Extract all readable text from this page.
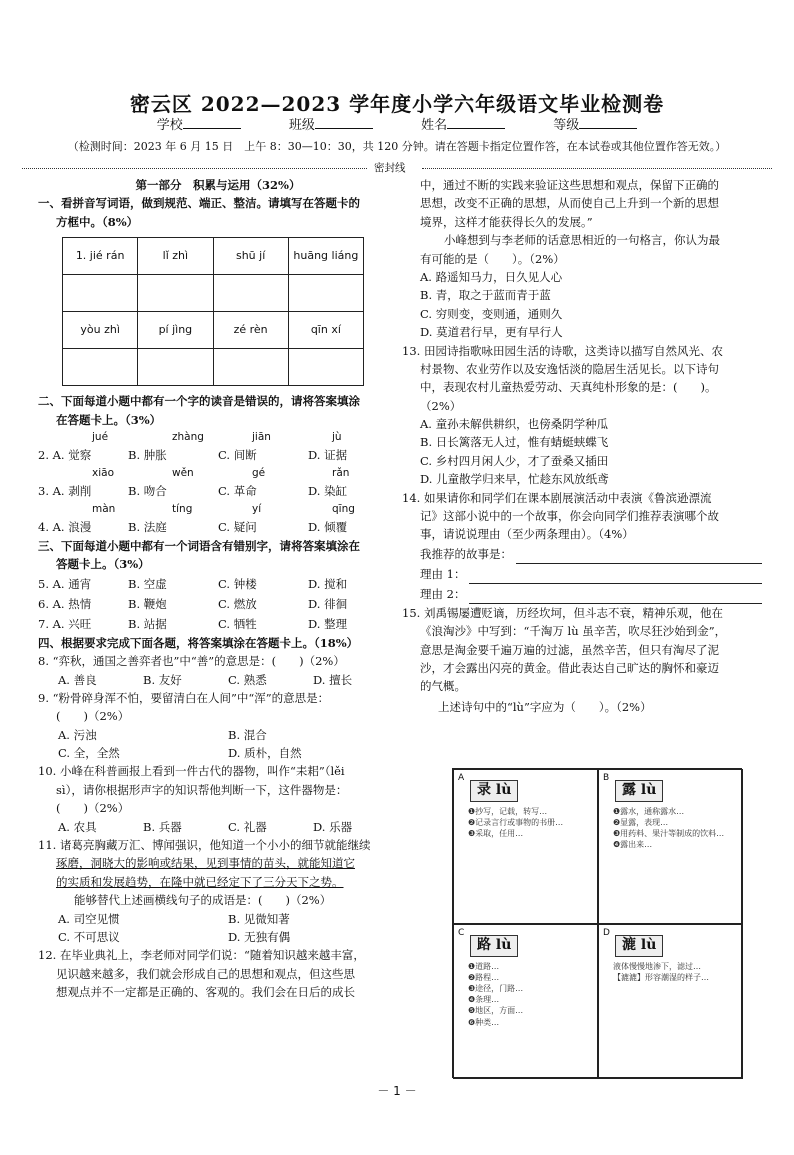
密云区 2022—2023 学年度小学六年级语文毕业检测卷
学校	班级	姓名	等级
（检测时间：2023 年 6 月 15 日　上午 8：30—10：30，共 120 分钟。请在答题卡指定位置作答，在本试卷或其他位置作答无效。）
密封线
第一部分　积累与运用（32%）
一、看拼音写词语，做到规范、端正、整洁。请填写在答题卡的
方框中。（8%）
1. jié rán	lǐ zhì	shū jí	huāng liáng

yòu zhì	pí jìng	zé rèn	qīn xí

二、下面每道小题中都有一个字的读音是错误的，请将答案填涂
在答题卡上。（3%）
jué	zhàng	jiān	jù
2. A. 觉察	B. 肿胀	C. 间断	D. 证据
xiāo	wěn	gé	rǎn
3. A. 剥削	B. 吻合	C. 革命	D. 染缸
màn	tíng	yí	qīng
4. A. 浪漫	B. 法庭	C. 疑问	D. 倾覆
三、下面每道小题中都有一个词语含有错别字，请将答案填涂在
答题卡上。（3%）
5. A. 通宵	B. 空虚	C. 钟楼	D. 搅和
6. A. 热情	B. 鞭炮	C. 燃放	D. 徘徊
7. A. 兴旺	B. 站据	C. 牺牲	D. 整理
四、根据要求完成下面各题，将答案填涂在答题卡上。（18%）
8. “弈秋，通国之善弈者也”中“善”的意思是：(　　)（2%）
A. 善良	B. 友好	C. 熟悉	D. 擅长
9. “粉骨碎身浑不怕，要留清白在人间”中“浑”的意思是：
(　　)（2%）
A. 污浊	B. 混合
C. 全，全然	D. 质朴，自然
10. 小峰在科普画报上看到一件古代的器物，叫作“耒耜”（lěi
sì），请你根据形声字的知识帮他判断一下，这件器物是：
(　　)（2%）
A. 农具	B. 兵器	C. 礼器	D. 乐器
11. 诸葛亮胸藏万汇、博闻强识，他知道一个小小的细节就能继续
琢磨，洞晓大的影响或结果，见到事情的苗头，就能知道它
的实质和发展趋势，在隆中就已经定下了三分天下之势。
能够替代上述画横线句子的成语是：(　　)（2%）
A. 司空见惯	B. 见微知著
C. 不可思议	D. 无独有偶
12. 在毕业典礼上，李老师对同学们说：“随着知识越来越丰富，
见识越来越多，我们就会形成自己的思想和观点，但这些思
想观点并不一定都是正确的、客观的。我们会在日后的成长
中，通过不断的实践来验证这些思想和观点，保留下正确的
思想，改变不正确的思想，从而使自己上升到一个新的思想
境界，这样才能获得长久的发展。”
小峰想到与李老师的话意思相近的一句格言，你认为最
有可能的是（　　）。（2%）
A. 路遥知马力，日久见人心
B. 青，取之于蓝而青于蓝
C. 穷则变，变则通，通则久
D. 莫道君行早，更有早行人
13. 田园诗指歌咏田园生活的诗歌，这类诗以描写自然风光、农
村景物、农业劳作以及安逸恬淡的隐居生活见长。以下诗句
中，表现农村儿童热爱劳动、天真纯朴形象的是：(　　)。
（2%）
A. 童孙未解供耕织，也傍桑阴学种瓜
B. 日长篱落无人过，惟有蜻蜓蛱蝶飞
C. 乡村四月闲人少，才了蚕桑又插田
D. 儿童散学归来早，忙趁东风放纸鸢
14. 如果请你和同学们在课本剧展演活动中表演《鲁滨逊漂流
记》这部小说中的一个故事，你会向同学们推荐表演哪个故
事，请说说理由（至少两条理由）。（4%）
我推荐的故事是：
理由 1：
理由 2：
15. 刘禹锡屡遭贬谪，历经坎坷，但斗志不衰，精神乐观，他在
《浪淘沙》中写到：“千淘万 lù 虽辛苦，吹尽狂沙始到金”，
意思是淘金要千遍万遍的过滤，虽然辛苦，但只有淘尽了泥
沙，才会露出闪亮的黄金。借此表达自己旷达的胸怀和豪迈
的气概。
上述诗句中的“lù”字应为（　　）。（2%）
A
录 lù
❶抄写，记载，转写…
❷记录言行或事物的书册…
❸采取，任用…
B
露 lù
❶露水，通称露水…
❷显露，表现…
❸用药料、果汁等制成的饮料…
❹露出来…
C
路 lù
❶道路…
❷路程…
❸途径，门路…
❹条理…
❺地区，方面…
❻种类…
D
漉 lù
液体慢慢地渗下，滤过…
【漉漉】形容潮湿的样子…
－ 1 －
